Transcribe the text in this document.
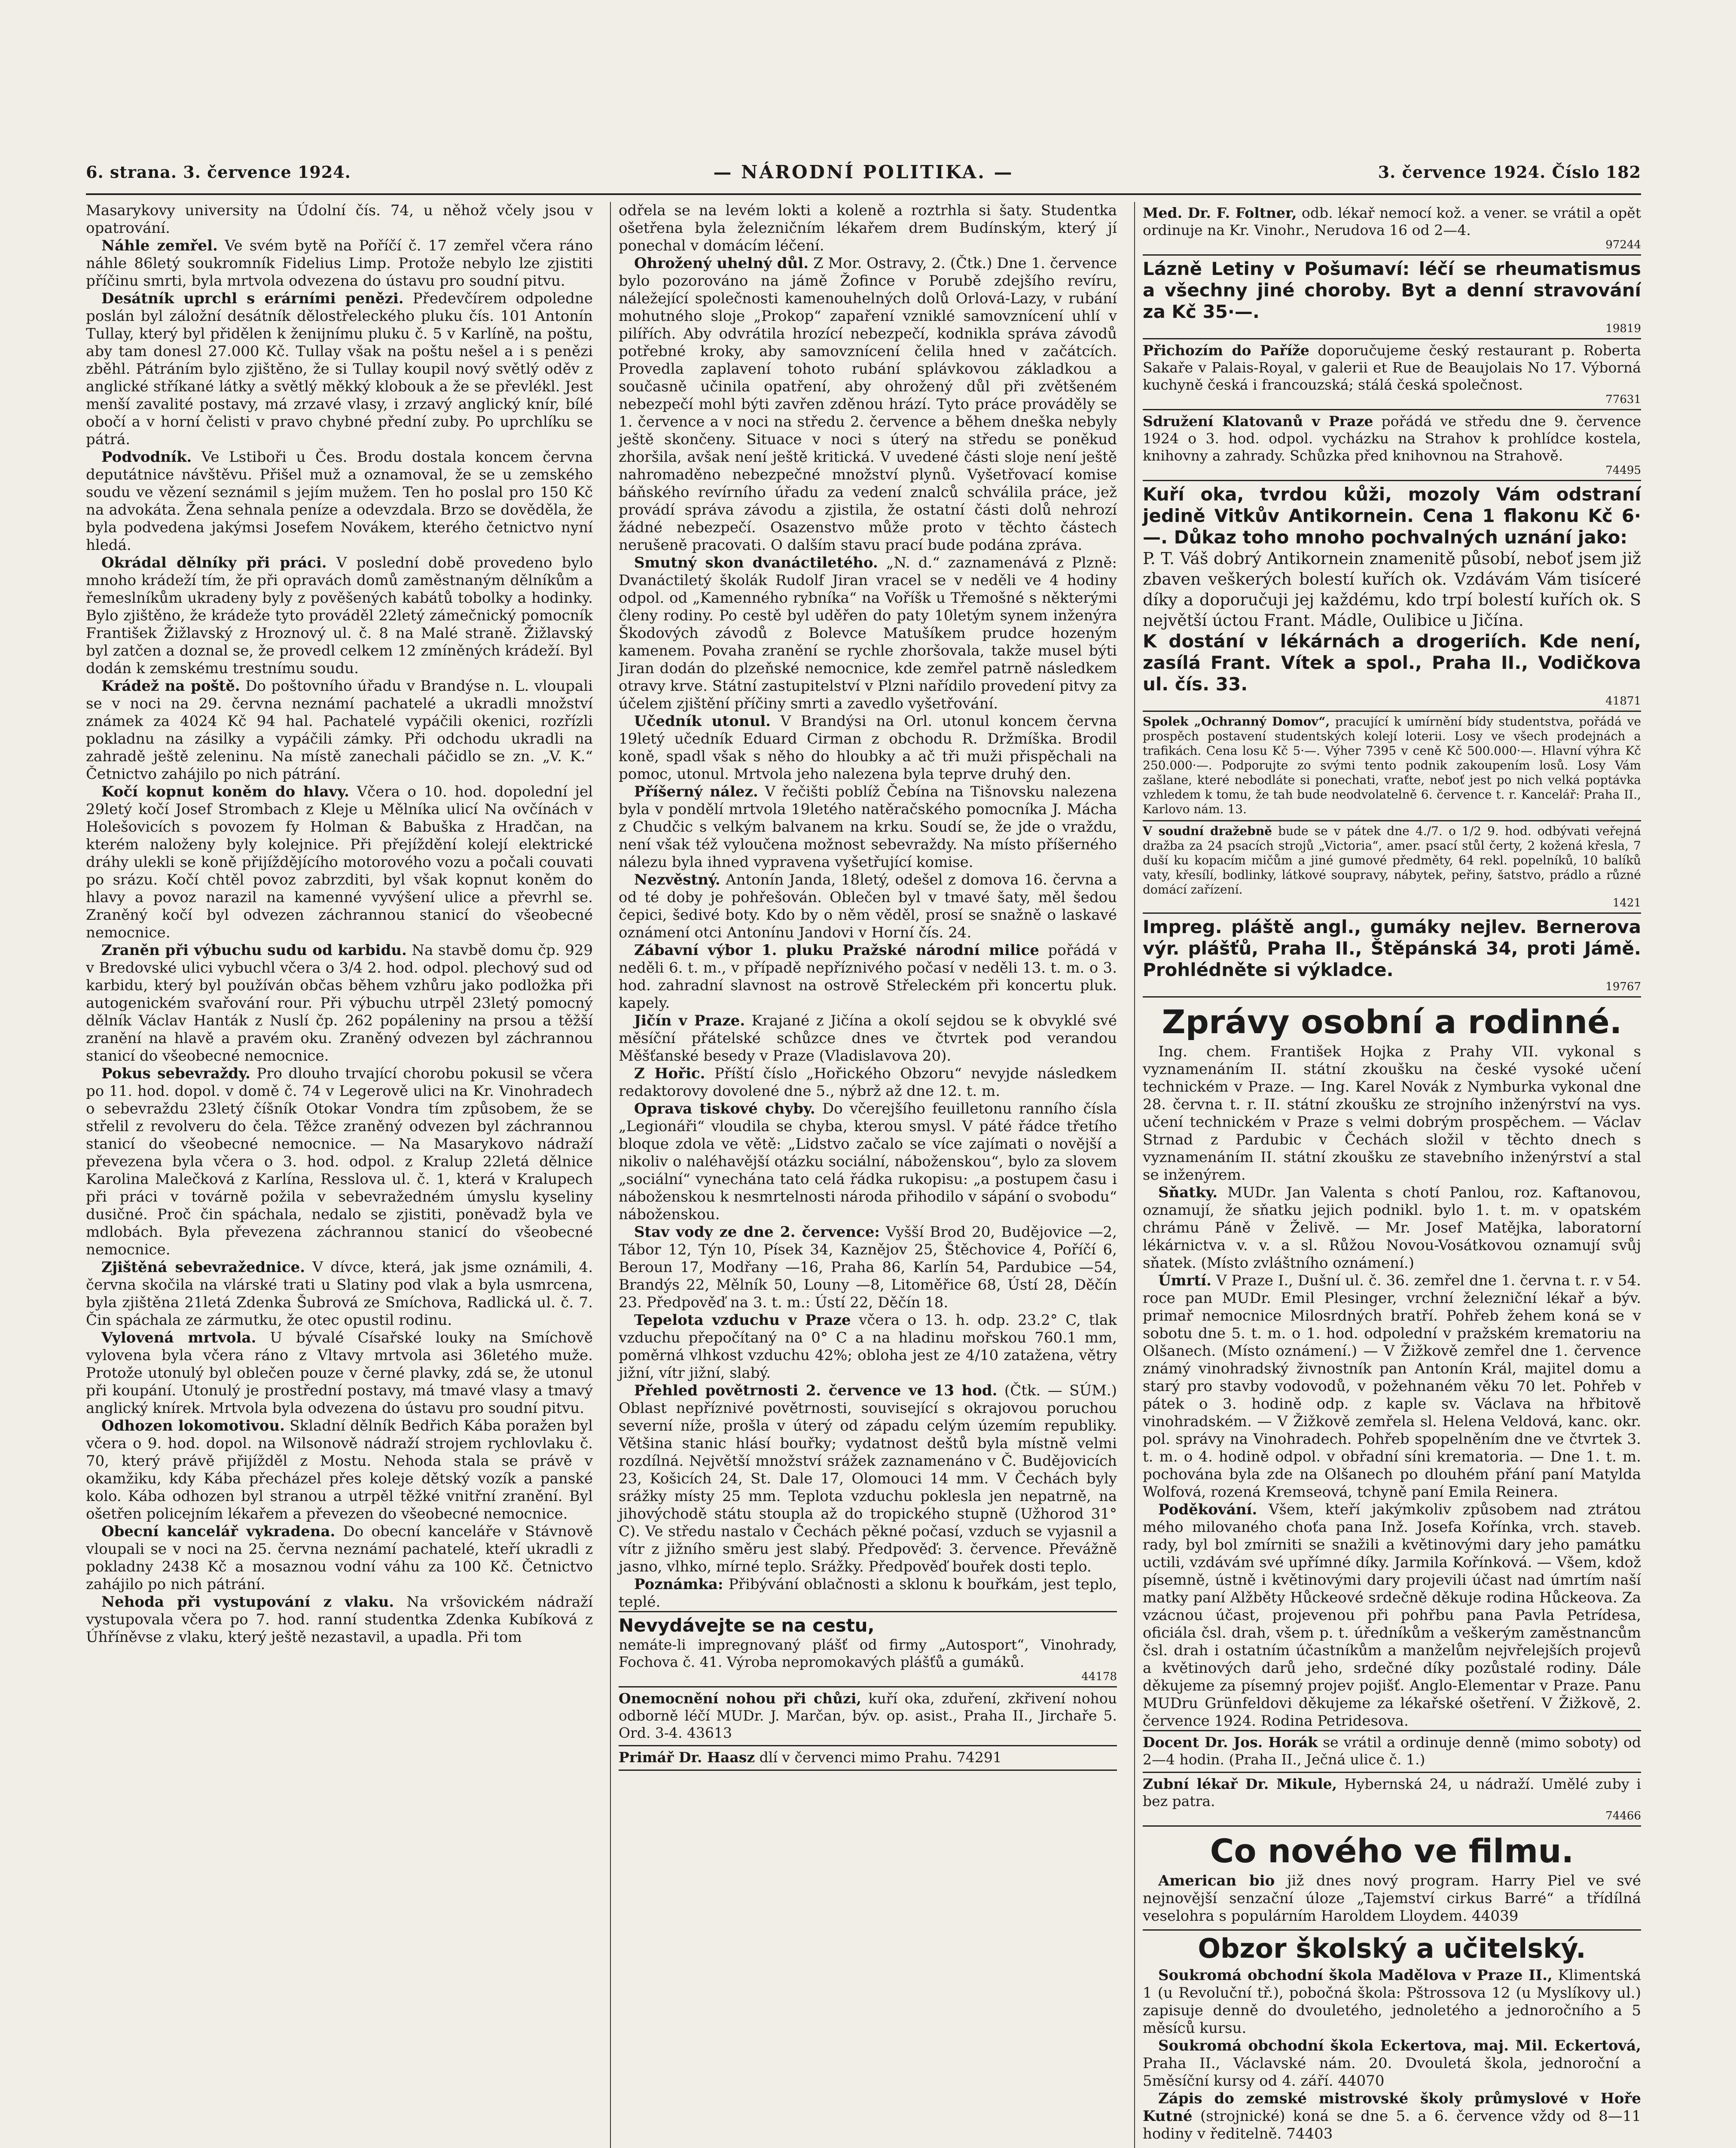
6. strana. 3. července 1924.	— NÁRODNÍ POLITIKA. —	3. července 1924. Číslo 182

Masarykovy university na Údolní čís. 74, u něhož včely jsou v opatrování.

Náhle zemřel. Ve svém bytě na Poříčí č. 17 zemřel včera ráno náhle 86letý soukromník Fidelius Limp. Protože nebylo lze zjistiti příčinu smrti, byla mrtvola odvezena do ústavu pro soudní pitvu.

Desátník uprchl s erárními penězi. Předevčírem odpoledne poslán byl záložní desátník dělostřeleckého pluku čís. 101 Antonín Tullay, který byl přidělen k ženijnímu pluku č. 5 v Karlíně, na poštu, aby tam donesl 27.000 Kč. Tullay však na poštu nešel a i s penězi zběhl. Pátráním bylo zjištěno, že si Tullay koupil nový světlý oděv z anglické stříkané látky a světlý měkký klobouk a že se převlékl. Jest menší zavalité postavy, má zrzavé vlasy, i zrzavý anglický knír, bílé obočí a v horní čelisti v pravo chybné přední zuby. Po uprchlíku se pátrá.

Podvodník. Ve Lstiboři u Čes. Brodu dostala koncem června deputátnice návštěvu. Přišel muž a oznamoval, že se u zemského soudu ve vězení seznámil s jejím mužem. Ten ho poslal pro 150 Kč na advokáta. Žena sehnala peníze a odevzdala. Brzo se dověděla, že byla podvedena jakýmsi Josefem Novákem, kterého četnictvo nyní hledá.

Okrádal dělníky při práci. V poslední době provedeno bylo mnoho krádeží tím, že při opravách domů zaměstnaným dělníkům a řemeslníkům ukradeny byly z pověšených kabátů tobolky a hodinky. Bylo zjištěno, že krádeže tyto prováděl 22letý zámečnický pomocník František Žižlavský z Hroznový ul. č. 8 na Malé straně. Žižlavský byl zatčen a doznal se, že provedl celkem 12 zmíněných krádeží. Byl dodán k zemskému trestnímu soudu.

Krádež na poště. Do poštovního úřadu v Brandýse n. L. vloupali se v noci na 29. června neznámí pachatelé a ukradli množství známek za 4024 Kč 94 hal. Pachatelé vypáčili okenici, rozřízli pokladnu na zásilky a vypáčili zámky. Při odchodu ukradli na zahradě ještě zeleninu. Na místě zanechali páčidlo se zn. „V. K.“ Četnictvo zahájilo po nich pátrání.

Kočí kopnut koněm do hlavy. Včera o 10. hod. dopolední jel 29letý kočí Josef Strombach z Kleje u Mělníka ulicí Na ovčínách v Holešovicích s povozem fy Holman & Babuška z Hradčan, na kterém naloženy byly kolejnice. Při přejíždění kolejí elektrické dráhy ulekli se koně přijíždějícího motorového vozu a počali couvati po srázu. Kočí chtěl povoz zabrzditi, byl však kopnut koněm do hlavy a povoz narazil na kamenné vyvýšení ulice a převrhl se. Zraněný kočí byl odvezen záchrannou stanicí do všeobecné nemocnice.

Zraněn při výbuchu sudu od karbidu. Na stavbě domu čp. 929 v Bredovské ulici vybuchl včera o 3/4 2. hod. odpol. plechový sud od karbidu, který byl používán občas během vzhůru jako podložka při autogenickém svařování rour. Při výbuchu utrpěl 23letý pomocný dělník Václav Hanták z Nuslí čp. 262 popáleniny na prsou a těžší zranění na hlavě a pravém oku. Zraněný odvezen byl záchrannou stanicí do všeobecné nemocnice.

Pokus sebevraždy. Pro dlouho trvající chorobu pokusil se včera po 11. hod. dopol. v domě č. 74 v Legerově ulici na Kr. Vinohradech o sebevraždu 23letý číšník Otokar Vondra tím způsobem, že se střelil z revolveru do čela. Těžce zraněný odvezen byl záchrannou stanicí do všeobecné nemocnice. — Na Masarykovo nádraží převezena byla včera o 3. hod. odpol. z Kralup 22letá dělnice Karolina Malečková z Karlína, Resslova ul. č. 1, která v Kralupech při práci v továrně požila v sebevražedném úmyslu kyseliny dusičné. Proč čin spáchala, nedalo se zjistiti, poněvadž byla ve mdlobách. Byla převezena záchrannou stanicí do všeobecné nemocnice.

Zjištěná sebevražednice. V dívce, která, jak jsme oznámili, 4. června skočila na vlárské trati u Slatiny pod vlak a byla usmrcena, byla zjištěna 21letá Zdenka Šubrová ze Smíchova, Radlická ul. č. 7. Čin spáchala ze zármutku, že otec opustil rodinu.

Vylovená mrtvola. U bývalé Císařské louky na Smíchově vylovena byla včera ráno z Vltavy mrtvola asi 36letého muže. Protože utonulý byl oblečen pouze v černé plavky, zdá se, že utonul při koupání. Utonulý je prostřední postavy, má tmavé vlasy a tmavý anglický knírek. Mrtvola byla odvezena do ústavu pro soudní pitvu.

Odhozen lokomotivou. Skladní dělník Bedřich Kába poražen byl včera o 9. hod. dopol. na Wilsonově nádraží strojem rychlovlaku č. 70, který právě přijížděl z Mostu. Nehoda stala se právě v okamžiku, kdy Kába přecházel přes koleje dětský vozík a panské kolo. Kába odhozen byl stranou a utrpěl těžké vnitřní zranění. Byl ošetřen policejním lékařem a převezen do všeobecné nemocnice.

Obecní kancelář vykradena. Do obecní kanceláře v Stávnově vloupali se v noci na 25. června neznámí pachatelé, kteří ukradli z pokladny 2438 Kč a mosaznou vodní váhu za 100 Kč. Četnictvo zahájilo po nich pátrání.

Nehoda při vystupování z vlaku. Na vršovickém nádraží vystupovala včera po 7. hod. ranní studentka Zdenka Kubíková z Úhříněvse z vlaku, který ještě nezastavil, a upadla. Při tom

odřela se na levém lokti a koleně a roztrhla si šaty. Studentka ošetřena byla železničním lékařem drem Budínským, který jí ponechal v domácím léčení.

Ohrožený uhelný důl. Z Mor. Ostravy, 2. (Čtk.) Dne 1. července bylo pozorováno na jámě Žofince v Porubě zdejšího revíru, náležející společnosti kamenouhelných dolů Orlová-Lazy, v rubání mohutného sloje „Prokop“ zapaření vzniklé samovznícení uhlí v pilířích. Aby odvrátila hrozící nebezpečí, kodnikla správa závodů potřebné kroky, aby samovznícení čelila hned v začátcích. Provedla zaplavení tohoto rubání splávkovou základkou a současně učinila opatření, aby ohrožený důl při zvětšeném nebezpečí mohl býti zavřen zděnou hrází. Tyto práce prováděly se 1. července a v noci na středu 2. července a během dneška nebyly ještě skončeny. Situace v noci s úterý na středu se poněkud zhoršila, avšak není ještě kritická. V uvedené části sloje není ještě nahromaděno nebezpečné množství plynů. Vyšetřovací komise báňského revírního úřadu za vedení znalců schválila práce, jež provádí správa závodu a zjistila, že ostatní části dolů nehrozí žádné nebezpečí. Osazenstvo může proto v těchto částech nerušeně pracovati. O dalším stavu prací bude podána zpráva.

Smutný skon dvanáctiletého. „N. d.“ zaznamenává z Plzně: Dvanáctiletý školák Rudolf Jiran vracel se v neděli ve 4 hodiny odpol. od „Kamenného rybníka“ na Voříšk u Třemošné s některými členy rodiny. Po cestě byl uděřen do paty 10letým synem inženýra Škodových závodů z Bolevce Matušíkem prudce hozeným kamenem. Povaha zranění se rychle zhoršovala, takže musel býti Jiran dodán do plzeňské nemocnice, kde zemřel patrně následkem otravy krve. Státní zastupitelství v Plzni nařídilo provedení pitvy za účelem zjištění příčiny smrti a zavedlo vyšetřování.

Učedník utonul. V Brandýsi na Orl. utonul koncem června 19letý učedník Eduard Cirman z obchodu R. Držmíška. Brodil koně, spadl však s něho do hloubky a ač tři muži přispěchali na pomoc, utonul. Mrtvola jeho nalezena byla teprve druhý den.

Příšerný nález. V řečišti poblíž Čebína na Tišnovsku nalezena byla v pondělí mrtvola 19letého natěračského pomocníka J. Mácha z Chudčic s velkým balvanem na krku. Soudí se, že jde o vraždu, není však též vyloučena možnost sebevraždy. Na místo příšerného nálezu byla ihned vypravena vyšetřující komise.

Nezvěstný. Antonín Janda, 18letý, odešel z domova 16. června a od té doby je pohřešován. Oblečen byl v tmavé šaty, měl šedou čepici, šedivé boty. Kdo by o něm věděl, prosí se snažně o laskavé oznámení otci Antonínu Jandovi v Horní čís. 24.

Zábavní výbor 1. pluku Pražské národní milice pořádá v neděli 6. t. m., v případě nepříznivého počasí v neděli 13. t. m. o 3. hod. zahradní slavnost na ostrově Střeleckém při koncertu pluk. kapely.

Jičín v Praze. Krajané z Jičína a okolí sejdou se k obvyklé své měsíční přátelské schůzce dnes ve čtvrtek pod verandou Měšťanské besedy v Praze (Vladislavova 20).

Z Hořic. Příští číslo „Hořického Obzoru“ nevyjde následkem redaktorovy dovolené dne 5., nýbrž až dne 12. t. m.

Oprava tiskové chyby. Do včerejšího feuilletonu ranního čísla „Legionáři“ vloudila se chyba, kterou smysl. V páté řádce třetího bloque zdola ve větě: „Lidstvo začalo se více zajímati o novější a nikoliv o naléhavější otázku sociální, náboženskou“, bylo za slovem „sociální“ vynechána tato celá řádka rukopisu: „a postupem času i náboženskou k nesmrtelnosti národa přihodilo v sápání o svobodu“ náboženskou.

Stav vody ze dne 2. července: Vyšší Brod 20, Budějovice —2, Tábor 12, Týn 10, Písek 34, Kaznějov 25, Štěchovice 4, Poříčí 6, Beroun 17, Modřany —16, Praha 86, Karlín 54, Pardubice —54, Brandýs 22, Mělník 50, Louny —8, Litoměřice 68, Ústí 28, Děčín 23. Předpověď na 3. t. m.: Ústí 22, Děčín 18.

Tepelota vzduchu v Praze včera o 13. h. odp. 23.2° C, tlak vzduchu přepočítaný na 0° C a na hladinu mořskou 760.1 mm, poměrná vlhkost vzduchu 42%; obloha jest ze 4/10 zatažena, větry jižní, vítr jižní, slabý.

Přehled povětrnosti 2. července ve 13 hod. (Čtk. — SÚM.) Oblast nepříznivé povětrnosti, související s okrajovou poruchou severní níže, prošla v úterý od západu celým územím republiky. Většina stanic hlásí bouřky; vydatnost deštů byla místně velmi rozdílná. Největší množství srážek zaznamenáno v Č. Budějovicích 23, Košicích 24, St. Dale 17, Olomouci 14 mm. V Čechách byly srážky místy 25 mm. Teplota vzduchu poklesla jen nepatrně, na jihovýchodě státu stoupla až do tropického stupně (Užhorod 31° C). Ve středu nastalo v Čechách pěkné počasí, vzduch se vyjasnil a vítr z jižního směru jest slabý. Předpověď: 3. července. Převážně jasno, vlhko, mírné teplo. Srážky. Předpověď bouřek dosti teplo.

Poznámka: Přibývání oblačnosti a sklonu k bouřkám, jest teplo, teplé.

Nevydávejte se na cestu,
nemáte-li impregnovaný plášť od firmy „Autosport“, Vinohrady, Fochova č. 41. Výroba nepromokavých plášťů a gumáků.
44178
Onemocnění nohou při chůzi, kuří oka, zduření, zkřivení nohou odborně léčí MUDr. J. Marčan, býv. op. asist., Praha II., Jirchaře 5. Ord. 3-4. 43613
Primář Dr. Haasz dlí v červenci mimo Prahu. 74291
Med. Dr. F. Foltner, odb. lékař nemocí kož. a vener. se vrátil a opět ordinuje na Kr. Vinohr., Nerudova 16 od 2—4.
97244
Lázně Letiny v Pošumaví: léčí se rheumatismus a všechny jiné choroby. Byt a denní stravování za Kč 35·—.
19819
Přichozím do Paříže doporučujeme český restaurant p. Roberta Sakaře v Palais-Royal, v galerii et Rue de Beaujolais No 17. Výborná kuchyně česká i francouzská; stálá česká společnost.
77631
Sdružení Klatovanů v Praze pořádá ve středu dne 9. července 1924 o 3. hod. odpol. vycházku na Strahov k prohlídce kostela, knihovny a zahrady. Schůzka před knihovnou na Strahově.
74495
Kuří oka, tvrdou kůži, mozoly Vám odstraní jedině Vitkův Antikornein. Cena 1 flakonu Kč 6·—. Důkaz toho mnoho pochvalných uznání jako:
P. T. Váš dobrý Antikornein znamenitě působí, neboť jsem již zbaven veškerých bolestí kuřích ok. Vzdávám Vám tisíceré díky a doporučuji jej každému, kdo trpí bolestí kuřích ok. S největší úctou Frant. Mádle, Oulibice u Jičína.
K dostání v lékárnách a drogeriích. Kde není, zasílá Frant. Vítek a spol., Praha II., Vodičkova ul. čís. 33.
41871
Spolek „Ochranný Domov“, pracující k umírnění bídy studentstva, pořádá ve prospěch postavení studentských kolejí loterii. Losy ve všech prodejnách a trafikách. Cena losu Kč 5·—. Výher 7395 v ceně Kč 500.000·—. Hlavní výhra Kč 250.000·—. Podporujte zo svými tento podnik zakoupením losů. Losy Vám zašlane, které nebodláte si ponechati, vraťte, neboť jest po nich velká poptávka vzhledem k tomu, že tah bude neodvolatelně 6. července t. r. Kancelář: Praha II., Karlovo nám. 13.
V soudní dražebně bude se v pátek dne 4./7. o 1/2 9. hod. odbývati veřejná dražba za 24 psacích strojů „Victoria“, amer. psací stůl čerty, 2 kožená křesla, 7 duší ku kopacím mičům a jiné gumové předměty, 64 rekl. popelníků, 10 balíků vaty, křesílí, bodlinky, látkové soupravy, nábytek, peřiny, šatstvo, prádlo a různé domácí zařízení.
1421
Impreg. pláště angl., gumáky nejlev. Bernerova výr. plášťů, Praha II., Štěpánská 34, proti Jámě. Prohlédněte si výkladce.
19767
Zprávy osobní a rodinné.

Ing. chem. František Hojka z Prahy VII. vykonal s vyznamenáním II. státní zkoušku na české vysoké učení technickém v Praze. — Ing. Karel Novák z Nymburka vykonal dne 28. června t. r. II. státní zkoušku ze strojního inženýrství na vys. učení technickém v Praze s velmi dobrým prospěchem. — Václav Strnad z Pardubic v Čechách složil v těchto dnech s vyznamenáním II. státní zkoušku ze stavebního inženýrství a stal se inženýrem.

Sňatky. MUDr. Jan Valenta s chotí Panlou, roz. Kaftanovou, oznamují, že sňatku jejich podnikl. bylo 1. t. m. v opatském chrámu Páně v Želivě. — Mr. Josef Matějka, laboratorní lékárnictva v. v. a sl. Růžou Novou-Vosátkovou oznamují svůj sňatek. (Místo zvláštního oznámení.)

Úmrtí. V Praze I., Dušní ul. č. 36. zemřel dne 1. června t. r. v 54. roce pan MUDr. Emil Plesinger, vrchní železniční lékař a býv. primař nemocnice Milosrdných bratří. Pohřeb žehem koná se v sobotu dne 5. t. m. o 1. hod. odpolední v pražském krematoriu na Olšanech. (Místo oznámení.) — V Žižkově zemřel dne 1. července známý vinohradský živnostník pan Antonín Král, majitel domu a starý pro stavby vodovodů, v požehnaném věku 70 let. Pohřeb v pátek o 3. hodině odp. z kaple sv. Václava na hřbitově vinohradském. — V Žižkově zemřela sl. Helena Veldová, kanc. okr. pol. správy na Vinohradech. Pohřeb spopelněním dne ve čtvrtek 3. t. m. o 4. hodině odpol. v obřadní síni krematoria. — Dne 1. t. m. pochována byla zde na Olšanech po dlouhém přání paní Matylda Wolfová, rozená Kremseová, tchyně paní Emila Reinera.

Poděkování. Všem, kteří jakýmkoliv způsobem nad ztrátou mého milovaného choťa pana Inž. Josefa Kořínka, vrch. staveb. rady, byl bol zmírniti se snažili a květinovými dary jeho památku uctili, vzdávám své upřímné díky. Jarmila Kořínková. — Všem, kdož písemně, ústně i květinovými dary projevili účast nad úmrtím naší matky paní Alžběty Hůckeové srdečně děkuje rodina Hůckeova. Za vzácnou účast, projevenou při pohřbu pana Pavla Petrídesa, oficiála čsl. drah, všem p. t. úředníkům a veškerým zaměstnancům čsl. drah i ostatním účastníkům a manželům nejvřelejších projevů a květinových darů jeho, srdečné díky pozůstalé rodiny. Dále děkujeme za písemný projev pojišť. Anglo-Elementar v Praze. Panu MUDru Grünfeldovi děkujeme za lékařské ošetření. V Žižkově, 2. července 1924. Rodina Petridesova.

Docent Dr. Jos. Horák se vrátil a ordinuje denně (mimo soboty) od 2—4 hodin. (Praha II., Ječná ulice č. 1.)
Zubní lékař Dr. Mikule, Hybernská 24, u nádraží. Umělé zuby i bez patra.
74466
Co nového ve filmu.

American bio již dnes nový program. Harry Piel ve své nejnovější senzační úloze „Tajemství cirkus Barré“ a třídílná veselohra s populárním Haroldem Lloydem. 44039

Obzor školský a učitelský.

Soukromá obchodní škola Madělova v Praze II., Klimentská 1 (u Revoluční tř.), pobočná škola: Pštrossova 12 (u Myslíkovy ul.) zapisuje denně do dvouletého, jednoletého a jednoročního a 5 měsíců kursu.

Soukromá obchodní škola Eckertova, maj. Mil. Eckertová, Praha II., Václavské nám. 20. Dvouletá škola, jednoroční a 5měsíční kursy od 4. září. 44070

Zápis do zemské mistrovské školy průmyslové v Hoře Kutné (strojnické) koná se dne 5. a 6. července vždy od 8—11 hodiny v ředitelně. 74403
